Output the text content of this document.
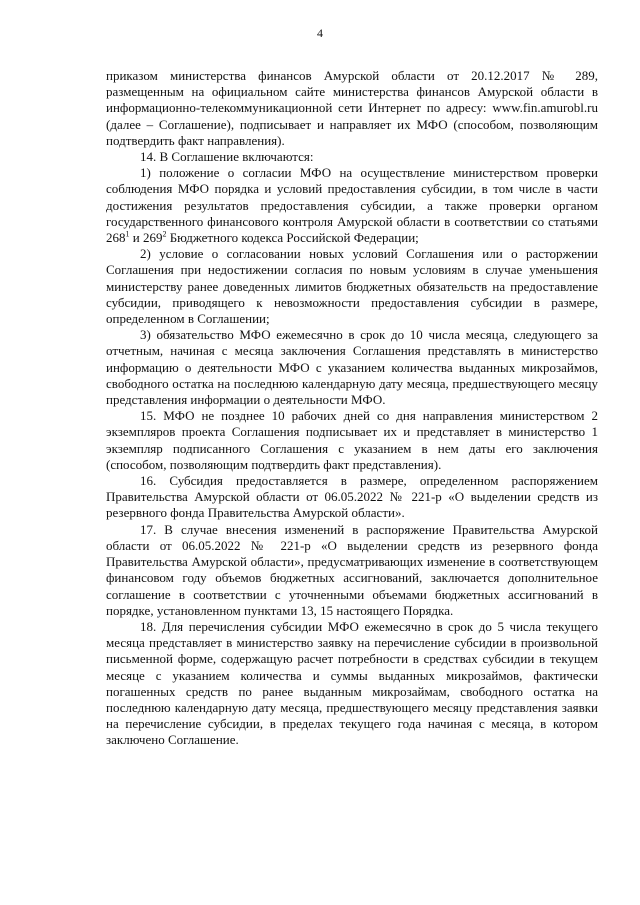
4

приказом министерства финансов Амурской области от 20.12.2017 № 289, размещенным на официальном сайте министерства финансов Амурской области в информационно-телекоммуникационной сети Интернет по адресу: www.fin.amurobl.ru (далее – Соглашение), подписывает и направляет их МФО (способом, позволяющим подтвердить факт направления).

14. В Соглашение включаются:

1) положение о согласии МФО на осуществление министерством проверки соблюдения МФО порядка и условий предоставления субсидии, в том числе в части достижения результатов предоставления субсидии, а также проверки органом государственного финансового контроля Амурской области в соответствии со статьями $268^1$ и $269^2$ Бюджетного кодекса Российской Федерации;

2) условие о согласовании новых условий Соглашения или о расторжении Соглашения при недостижении согласия по новым условиям в случае уменьшения министерству ранее доведенных лимитов бюджетных обязательств на предоставление субсидии, приводящего к невозможности предоставления субсидии в размере, определенном в Соглашении;

3) обязательство МФО ежемесячно в срок до 10 числа месяца, следующего за отчетным, начиная с месяца заключения Соглашения представлять в министерство информацию о деятельности МФО с указанием количества выданных микрозаймов, свободного остатка на последнюю календарную дату месяца, предшествующего месяцу представления информации о деятельности МФО.

15. МФО не позднее 10 рабочих дней со дня направления министерством 2 экземпляров проекта Соглашения подписывает их и представляет в министерство 1 экземпляр подписанного Соглашения с указанием в нем даты его заключения (способом, позволяющим подтвердить факт представления).

16. Субсидия предоставляется в размере, определенном распоряжением Правительства Амурской области от 06.05.2022 № 221-р «О выделении средств из резервного фонда Правительства Амурской области».

17. В случае внесения изменений в распоряжение Правительства Амурской области от 06.05.2022 № 221-р «О выделении средств из резервного фонда Правительства Амурской области», предусматривающих изменение в соответствующем финансовом году объемов бюджетных ассигнований, заключается дополнительное соглашение в соответствии с уточненными объемами бюджетных ассигнований в порядке, установленном пунктами 13, 15 настоящего Порядка.

18. Для перечисления субсидии МФО ежемесячно в срок до 5 числа текущего месяца представляет в министерство заявку на перечисление субсидии в произвольной письменной форме, содержащую расчет потребности в средствах субсидии в текущем месяце с указанием количества и суммы выданных микрозаймов, фактически погашенных средств по ранее выданным микрозаймам, свободного остатка на последнюю календарную дату месяца, предшествующего месяцу представления заявки на перечисление субсидии, в пределах текущего года начиная с месяца, в котором заключено Соглашение.
